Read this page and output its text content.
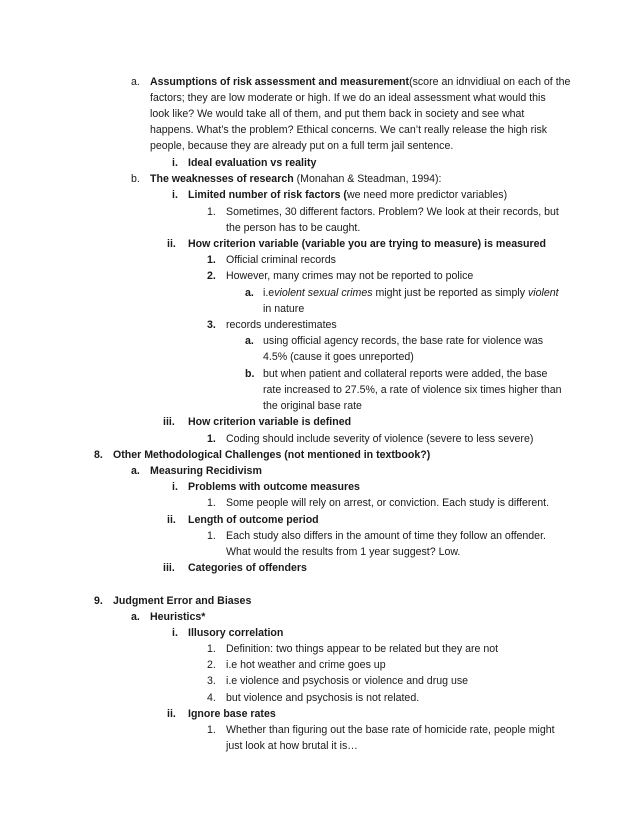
a. Assumptions of risk assessment and measurement(score an idnvidiual on each of the
factors; they are low moderate or high. If we do an ideal assessment what would this
look like? We would take all of them, and put them back in society and see what
happens. What’s the problem? Ethical concerns. We can’t really release the high risk
people, because they are already put on a full term jail sentence.
i. Ideal evaluation vs reality
b. The weaknesses of research (Monahan & Steadman, 1994):
i. Limited number of risk factors (we need more predictor variables)
1. Sometimes, 30 different factors. Problem? We look at their records, but
the person has to be caught.
ii. How criterion variable (variable you are trying to measure) is measured
1. Official criminal records
2. However, many crimes may not be reported to police
a. i.eviolent sexual crimes might just be reported as simply violent
in nature
3. records underestimates
a. using official agency records, the base rate for violence was
4.5% (cause it goes unreported)
b. but when patient and collateral reports were added, the base
rate increased to 27.5%, a rate of violence six times higher than
the original base rate
iii. How criterion variable is defined
1. Coding should include severity of violence (severe to less severe)
8. Other Methodological Challenges (not mentioned in textbook?)
a. Measuring Recidivism
i. Problems with outcome measures
1. Some people will rely on arrest, or conviction. Each study is different.
ii. Length of outcome period
1. Each study also differs in the amount of time they follow an offender.
What would the results from 1 year suggest? Low.
iii. Categories of offenders
9. Judgment Error and Biases
a. Heuristics*
i. Illusory correlation
1. Definition: two things appear to be related but they are not
2. i.e hot weather and crime goes up
3. i.e violence and psychosis or violence and drug use
4. but violence and psychosis is not related.
ii. Ignore base rates
1. Whether than figuring out the base rate of homicide rate, people might
just look at how brutal it is…
